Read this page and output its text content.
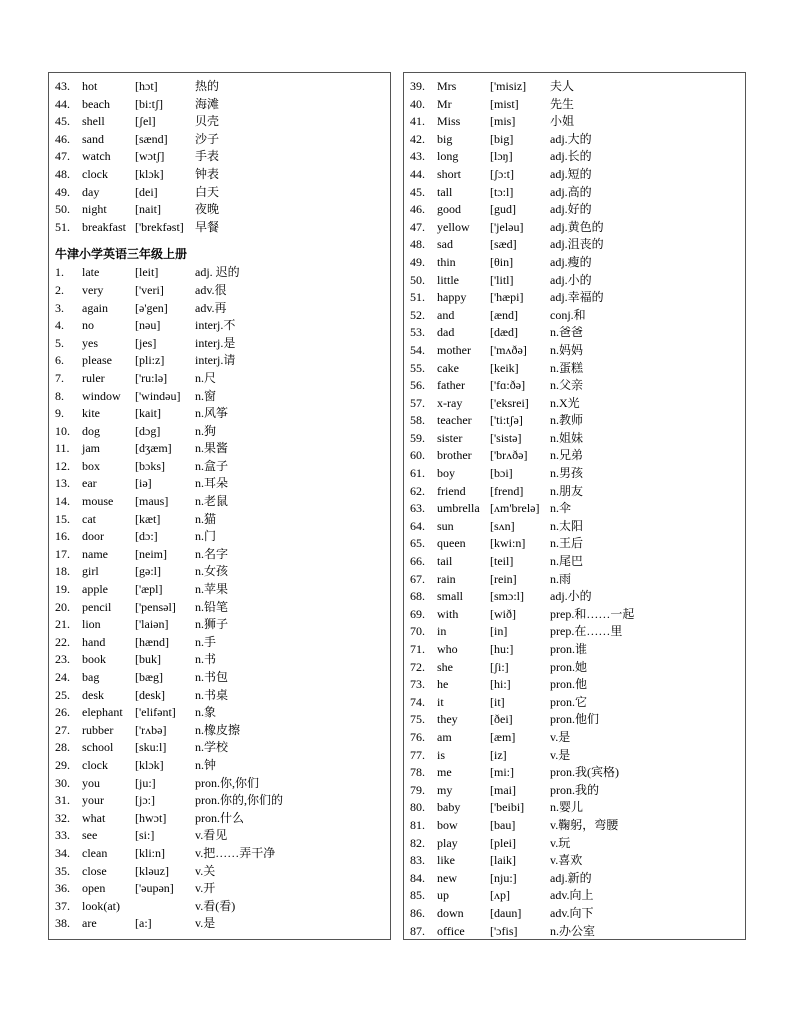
43. hot	[hɔt]	热的
44. beach [bi:tʃ]	海滩
45. shell	[ʃel]	贝壳
46. sand	[sænd] 沙子
47. watch [wɔtʃ]	手表
48. clock [klɔk]	钟表
49. day	[dei]	白天
50. night [nait]	夜晚
51. breakfast ['brekfəst] 早餐
牛津小学英语三年级上册
1. late	[leit]	adj. 迟的
2. very	['veri]	adv.很
3. again [ə'gen] adv.再
4. no	[nəu]	interj.不
5. yes	[jes]	interj.是
6. please [pli:z]	interj.请
7. ruler	['ru:lə] n.尺
8. window ['windəu] n.窗
9. kite	[kait]	n.风筝
10. dog	[dɔg]	n.狗
11. jam	[dʒæm] n.果酱
12. box	[bɔks]	n.盒子
13. ear	[iə]	n.耳朵
14. mouse [maus] n.老鼠
15. cat	[kæt]	n.猫
16. door	[dɔ:]	n.门
17. name [neim] n.名字
18. girl	[gə:l]	n.女孩
19. apple ['æpl]	n.苹果
20. pencil ['pensəl] n.铅笔
21. lion	['laiən] n.狮子
22. hand [hænd] n.手
23. book [buk]	n.书
24. bag	[bæg]	n.书包
25. desk	[desk]	n.书桌
26. elephant ['elifənt] n.象
27. rubber ['rʌbə] n.橡皮擦
28. school [sku:l] n.学校
29. clock [klɔk]	n.钟
30. you	[ju:]	pron.你,你们
31. your	[jɔ:]	pron.你的,你们的
32. what [hwɔt] pron.什么
33. see	[si:]	v.看见
34. clean [kli:n]	v.把……弄干净
35. close [kləuz] v.关
36. open ['əupən] v.开
37. look(at)	v.看(看)
38. are	[a:]	v.是
39. Mrs	['misiz] 夫人
40. Mr	[mist]	先生
41. Miss [mis]	小姐
42. big	[big]	adj.大的
43. long	[lɔŋ]	adj.长的
44. short [ʃɔ:t]	adj.短的
45. tall	[tɔ:l]	adj.高的
46. good [gud]	adj.好的
47. yellow ['jeləu] adj.黄色的
48. sad	[sæd]	adj.沮丧的
49. thin	[θin]	adj.瘦的
50. little	['litl]	adj.小的
51. happy ['hæpi] adj.幸福的
52. and	[ænd]	conj.和
53. dad	[dæd]	n.爸爸
54. mother ['mʌðə] n.妈妈
55. cake	[keik]	n.蛋糕
56. father ['fɑ:ðə] n.父亲
57. x-ray ['eksrei] n.X光
58. teacher ['ti:tʃə] n.教师
59. sister ['sistə] n.姐妹
60. brother ['brʌðə] n.兄弟
61. boy	[bɔi]	n.男孩
62. friend [frend] n.朋友
63. umbrella [ʌm'brelə] n.伞
64. sun	[sʌn]	n.太阳
65. queen [kwi:n] n.王后
66. tail	[teil]	n.尾巴
67. rain	[rein]	n.雨
68. small [smɔ:l] adj.小的
69. with	[wið]	prep.和……一起
70. in	[in]	prep.在……里
71. who	[hu:]	pron.谁
72. she	[ʃi:]	pron.她
73. he	[hi:]	pron.他
74. it	[it]	pron.它
75. they	[ðei]	pron.他们
76. am	[æm]	v.是
77. is	[iz]	v.是
78. me	[mi:]	pron.我(宾格)
79. my	[mai]	pron.我的
80. baby ['beibi] n.婴儿
81. bow	[bau]	v.鞠躬，弯腰
82. play	[plei]	v.玩
83. like	[laik]	v.喜欢
84. new	[nju:]	adj.新的
85. up	[ʌp]	adv.向上
86. down [daun] adv.向下
87. office ['ɔfis]	n.办公室
